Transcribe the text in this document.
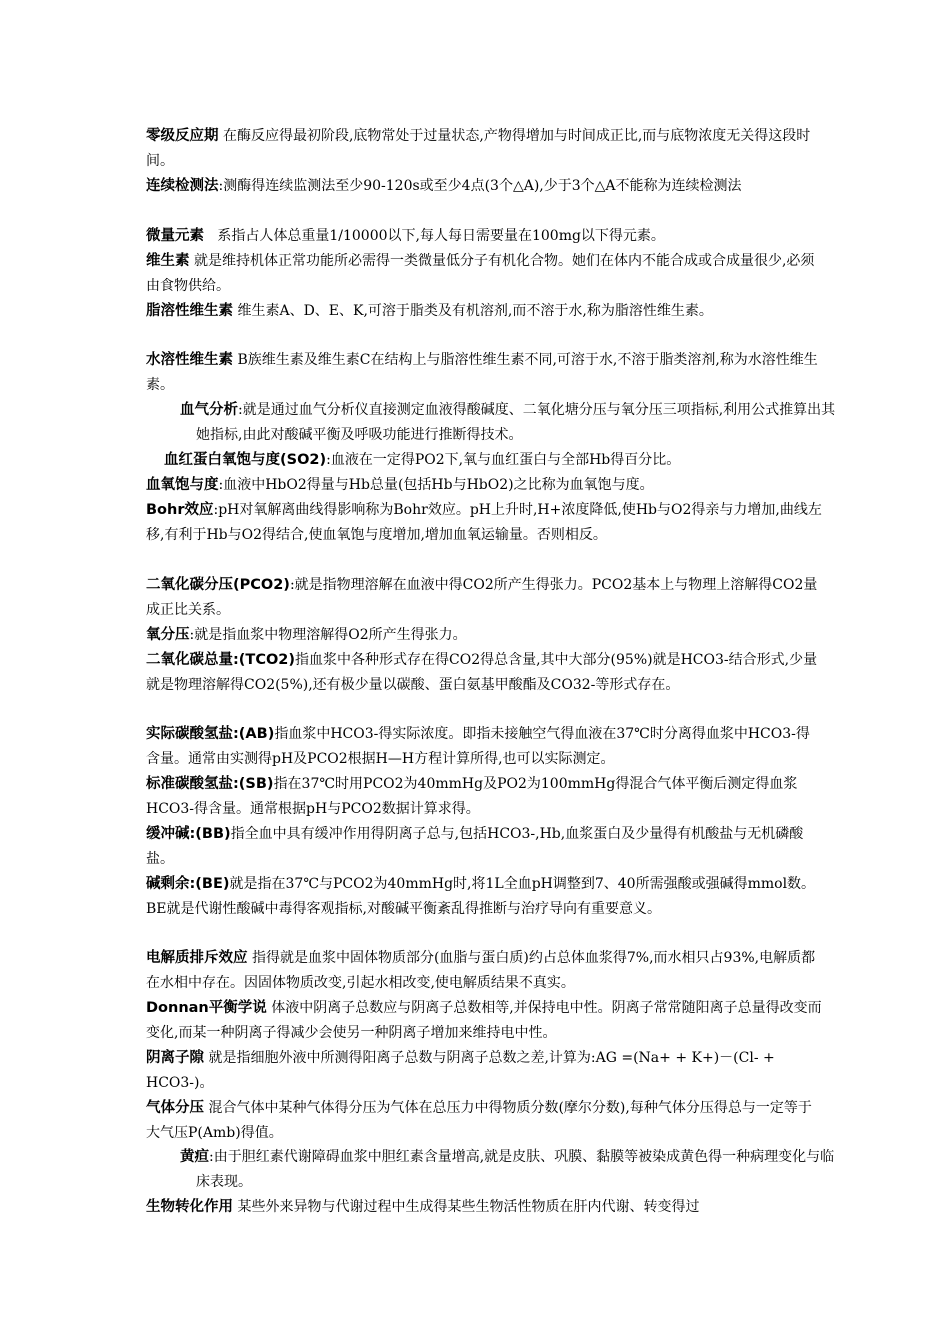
零级反应期 在酶反应得最初阶段,底物常处于过量状态,产物得增加与时间成正比,而与底物浓度无关得这段时间。
连续检测法:测酶得连续监测法至少90-120s或至少4点(3个△A),少于3个△A不能称为连续检测法
微量元素 系指占人体总重量1/10000以下,每人每日需要量在100mg以下得元素。
维生素 就是维持机体正常功能所必需得一类微量低分子有机化合物。她们在体内不能合成或合成量很少,必须由食物供给。
脂溶性维生素 维生素A、D、E、K,可溶于脂类及有机溶剂,而不溶于水,称为脂溶性维生素。
水溶性维生素 B族维生素及维生素C在结构上与脂溶性维生素不同,可溶于水,不溶于脂类溶剂,称为水溶性维生素。
血气分析:就是通过血气分析仪直接测定血液得酸碱度、二氧化塘分压与氧分压三项指标,利用公式推算出其她指标,由此对酸碱平衡及呼吸功能进行推断得技术。
血红蛋白氧饱与度(SO2):血液在一定得PO2下,氧与血红蛋白与全部Hb得百分比。
血氧饱与度:血液中HbO2得量与Hb总量(包括Hb与HbO2)之比称为血氧饱与度。
Bohr效应:pH对氧解离曲线得影响称为Bohr效应。pH上升时,H+浓度降低,使Hb与O2得亲与力增加,曲线左移,有利于Hb与O2得结合,使血氧饱与度增加,增加血氧运输量。否则相反。
二氧化碳分压(PCO2):就是指物理溶解在血液中得CO2所产生得张力。PCO2基本上与物理上溶解得CO2量成正比关系。
氧分压:就是指血浆中物理溶解得O2所产生得张力。
二氧化碳总量:(TCO2)指血浆中各种形式存在得CO2得总含量,其中大部分(95%)就是HCO3-结合形式,少量就是物理溶解得CO2(5%),还有极少量以碳酸、蛋白氨基甲酸酯及CO32-等形式存在。
实际碳酸氢盐:(AB)指血浆中HCO3-得实际浓度。即指未接触空气得血液在37℃时分离得血浆中HCO3-得含量。通常由实测得pH及PCO2根据H—H方程计算所得,也可以实际测定。
标准碳酸氢盐:(SB)指在37℃时用PCO2为40mmHg及PO2为100mmHg得混合气体平衡后测定得血浆HCO3-得含量。通常根据pH与PCO2数据计算求得。
缓冲碱:(BB)指全血中具有缓冲作用得阴离子总与,包括HCO3-,Hb,血浆蛋白及少量得有机酸盐与无机磷酸盐。
碱剩余:(BE)就是指在37℃与PCO2为40mmHg时,将1L全血pH调整到7、40所需强酸或强碱得mmol数。BE就是代谢性酸碱中毒得客观指标,对酸碱平衡紊乱得推断与治疗导向有重要意义。
电解质排斥效应 指得就是血浆中固体物质部分(血脂与蛋白质)约占总体血浆得7%,而水相只占93%,电解质都在水相中存在。因固体物质改变,引起水相改变,使电解质结果不真实。
Donnan平衡学说 体液中阴离子总数应与阴离子总数相等,并保持电中性。阴离子常常随阳离子总量得改变而变化,而某一种阴离子得减少会使另一种阴离子增加来维持电中性。
阴离子隙 就是指细胞外液中所测得阳离子总数与阴离子总数之差,计算为:AG =(Na+ + K+)－(Cl- + HCO3-)。
气体分压 混合气体中某种气体得分压为气体在总压力中得物质分数(摩尔分数),每种气体分压得总与一定等于大气压P(Amb)得值。
黄疸:由于胆红素代谢障碍血浆中胆红素含量增高,就是皮肤、巩膜、黏膜等被染成黄色得一种病理变化与临床表现。
生物转化作用 某些外来异物与代谢过程中生成得某些生物活性物质在肝内代谢、转变得过
